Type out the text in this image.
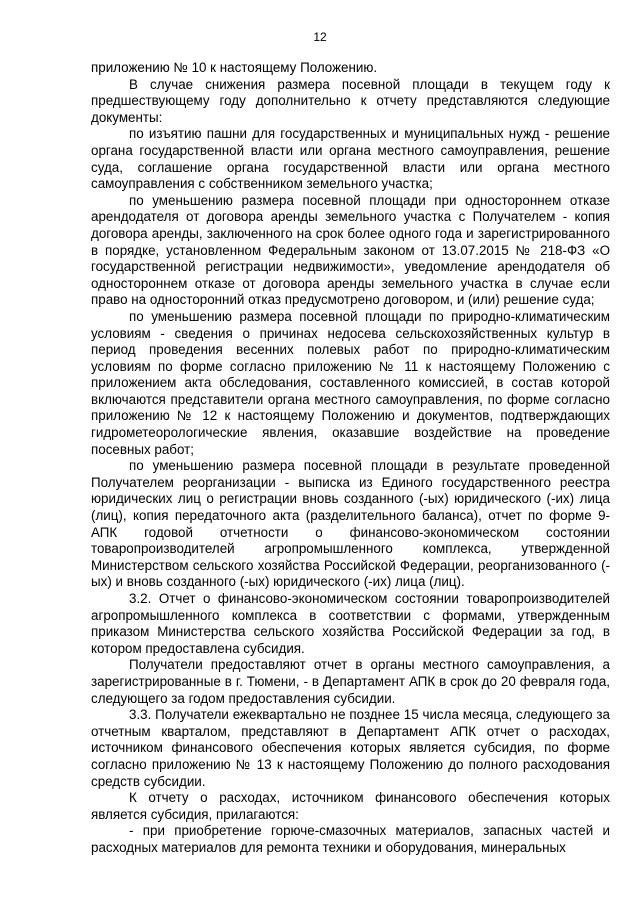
12

приложению № 10 к настоящему Положению.

В случае снижения размера посевной площади в текущем году к предшествующему году дополнительно к отчету представляются следующие документы:

по изъятию пашни для государственных и муниципальных нужд - решение органа государственной власти или органа местного самоуправления, решение суда, соглашение органа государственной власти или органа местного самоуправления с собственником земельного участка;

по уменьшению размера посевной площади при одностороннем отказе арендодателя от договора аренды земельного участка с Получателем - копия договора аренды, заключенного на срок более одного года и зарегистрированного в порядке, установленном Федеральным законом от 13.07.2015 № 218-ФЗ «О государственной регистрации недвижимости», уведомление арендодателя об одностороннем отказе от договора аренды земельного участка в случае если право на односторонний отказ предусмотрено договором, и (или) решение суда;

по уменьшению размера посевной площади по природно-климатическим условиям - сведения о причинах недосева сельскохозяйственных культур в период проведения весенних полевых работ по природно-климатическим условиям по форме согласно приложению № 11 к настоящему Положению с приложением акта обследования, составленного комиссией, в состав которой включаются представители органа местного самоуправления, по форме согласно приложению № 12 к настоящему Положению и документов, подтверждающих гидрометеорологические явления, оказавшие воздействие на проведение посевных работ;

по уменьшению размера посевной площади в результате проведенной Получателем реорганизации - выписка из Единого государственного реестра юридических лиц о регистрации вновь созданного (-ых) юридического (-их) лица (лиц), копия передаточного акта (разделительного баланса), отчет по форме 9-АПК годовой отчетности о финансово-экономическом состоянии товаропроизводителей агропромышленного комплекса, утвержденной Министерством сельского хозяйства Российской Федерации, реорганизованного (-ых) и вновь созданного (-ых) юридического (-их) лица (лиц).

3.2. Отчет о финансово-экономическом состоянии товаропроизводителей агропромышленного комплекса в соответствии с формами, утвержденным приказом Министерства сельского хозяйства Российской Федерации за год, в котором предоставлена субсидия.

Получатели предоставляют отчет в органы местного самоуправления, а зарегистрированные в г. Тюмени, - в Департамент АПК в срок до 20 февраля года, следующего за годом предоставления субсидии.

3.3. Получатели ежеквартально не позднее 15 числа месяца, следующего за отчетным кварталом, представляют в Департамент АПК отчет о расходах, источником финансового обеспечения которых является субсидия, по форме согласно приложению № 13 к настоящему Положению до полного расходования средств субсидии.

К отчету о расходах, источником финансового обеспечения которых является субсидия, прилагаются:

- при приобретение горюче-смазочных материалов, запасных частей и расходных материалов для ремонта техники и оборудования, минеральных
